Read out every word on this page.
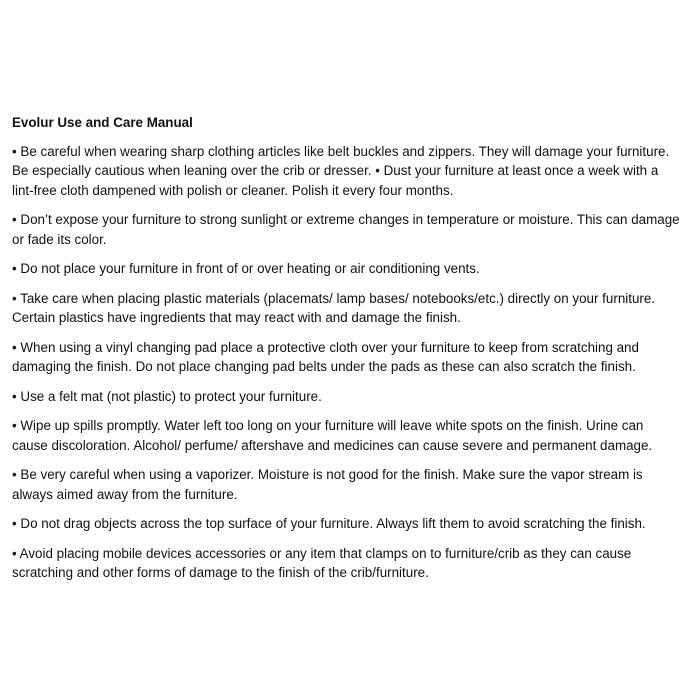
Evolur Use and Care Manual
• Be careful when wearing sharp clothing articles like belt buckles and zippers. They will damage your furniture. Be especially cautious when leaning over the crib or dresser. • Dust your furniture at least once a week with a lint-free cloth dampened with polish or cleaner. Polish it every four months.
• Don’t expose your furniture to strong sunlight or extreme changes in temperature or moisture. This can damage or fade its color.
• Do not place your furniture in front of or over heating or air conditioning vents.
• Take care when placing plastic materials (placemats/ lamp bases/ notebooks/etc.) directly on your furniture. Certain plastics have ingredients that may react with and damage the finish.
• When using a vinyl changing pad place a protective cloth over your furniture to keep from scratching and damaging the finish. Do not place changing pad belts under the pads as these can also scratch the finish.
• Use a felt mat (not plastic) to protect your furniture.
• Wipe up spills promptly. Water left too long on your furniture will leave white spots on the finish. Urine can cause discoloration. Alcohol/ perfume/ aftershave and medicines can cause severe and permanent damage.
• Be very careful when using a vaporizer. Moisture is not good for the finish. Make sure the vapor stream is always aimed away from the furniture.
• Do not drag objects across the top surface of your furniture. Always lift them to avoid scratching the finish.
• Avoid placing mobile devices accessories or any item that clamps on to furniture/crib as they can cause scratching and other forms of damage to the finish of the crib/furniture.
